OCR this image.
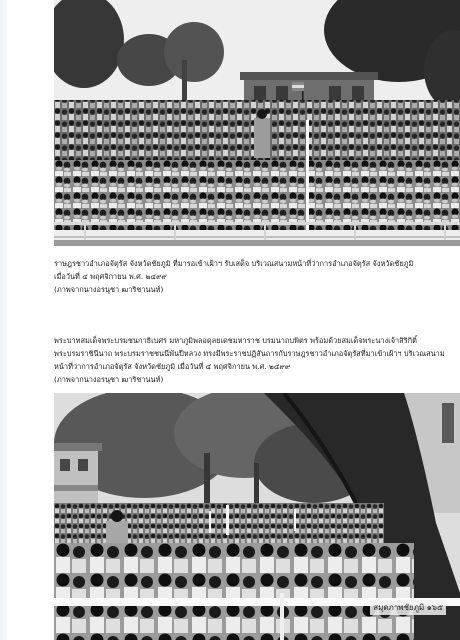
ราษฎรชาวอำเภอจัตุรัส จังหวัดชัยภูมิ ที่มารอเข้าเฝ้าฯ รับเสด็จ บริเวณสนามหน้าที่ว่าการอำเภอจัตุรัส จังหวัดชัยภูมิ
เมื่อวันที่ ๔ พฤศจิกายน พ.ศ. ๒๔๙๙
(ภาพจากนางอรนุชา ฒาริชานนท์)
พระบาทสมเด็จพระบรมชนกาธิเบศร มหาภูมิพลอดุลยเดชมหาราช บรมนาถบพิตร พร้อมด้วยสมเด็จพระนางเจ้าสิริกิติ์
พระบรมราชินีนาถ พระบรมราชชนนีพันปีหลวง ทรงมีพระราชปฏิสันถารกับราษฎรชาวอำเภอจัตุรัสที่มาเข้าเฝ้าฯ บริเวณสนาม
หน้าที่ว่าการอำเภอจัตุรัส จังหวัดชัยภูมิ เมื่อวันที่ ๔ พฤศจิกายน พ.ศ. ๒๔๙๙
(ภาพจากนางอรนุชา ฒาริชานนท์)
สมุดภาพชัยภูมิ ๑๖๕
